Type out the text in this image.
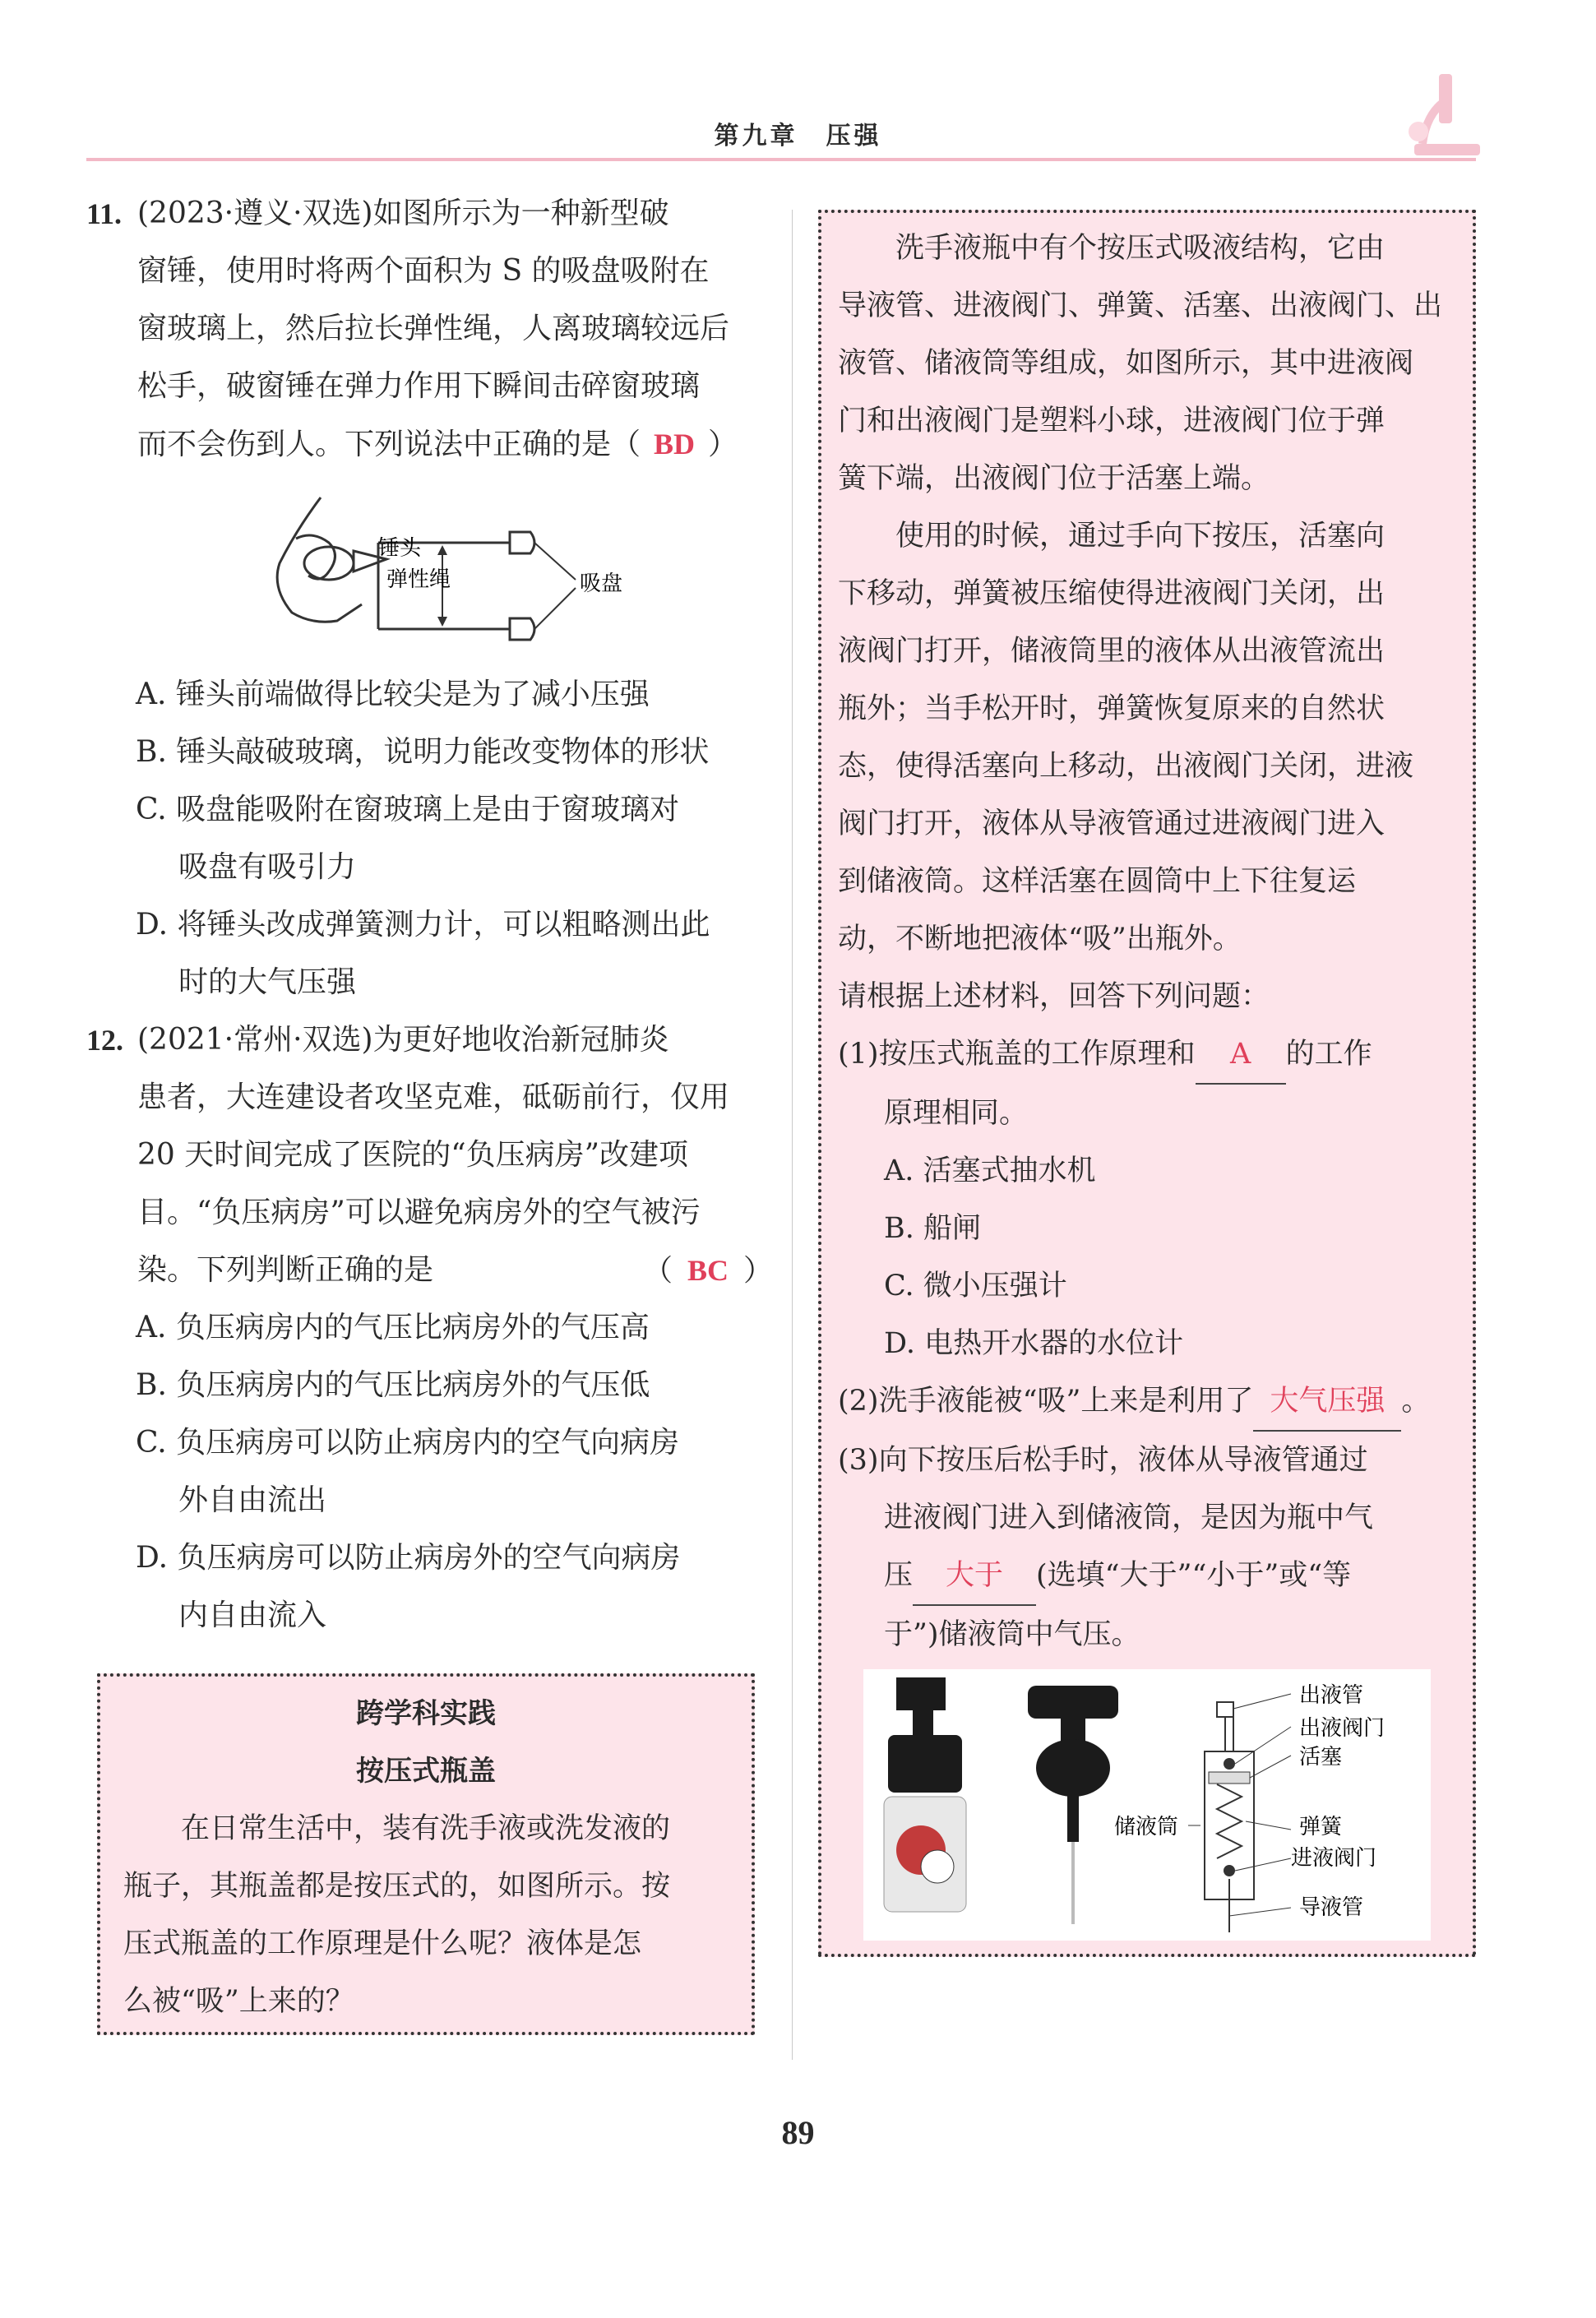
第九章　压强
11. (2023·遵义·双选)如图所示为一种新型破
窗锤，使用时将两个面积为 S 的吸盘吸附在
窗玻璃上，然后拉长弹性绳，人离玻璃较远后
松手，破窗锤在弹力作用下瞬间击碎窗玻璃
而不会伤到人。下列说法中正确的是（ BD ）
锤头
弹性绳	吸盘
A. 锤头前端做得比较尖是为了减小压强
B. 锤头敲破玻璃，说明力能改变物体的形状
C. 吸盘能吸附在窗玻璃上是由于窗玻璃对
吸盘有吸引力
D. 将锤头改成弹簧测力计，可以粗略测出此
时的大气压强
12. (2021·常州·双选)为更好地收治新冠肺炎
患者，大连建设者攻坚克难，砥砺前行，仅用
20 天时间完成了医院的“负压病房”改建项
目。“负压病房”可以避免病房外的空气被污
染。下列判断正确的是	（ BC ）
A. 负压病房内的气压比病房外的气压高
B. 负压病房内的气压比病房外的气压低
C. 负压病房可以防止病房内的空气向病房
外自由流出
D. 负压病房可以防止病房外的空气向病房
内自由流入
跨学科实践
按压式瓶盖

在日常生活中，装有洗手液或洗发液的

瓶子，其瓶盖都是按压式的，如图所示。按

压式瓶盖的工作原理是什么呢？液体是怎

么被“吸”上来的？

洗手液瓶中有个按压式吸液结构，它由

导液管、进液阀门、弹簧、活塞、出液阀门、出

液管、储液筒等组成，如图所示，其中进液阀

门和出液阀门是塑料小球，进液阀门位于弹

簧下端，出液阀门位于活塞上端。

使用的时候，通过手向下按压，活塞向

下移动，弹簧被压缩使得进液阀门关闭，出

液阀门打开，储液筒里的液体从出液管流出

瓶外；当手松开时，弹簧恢复原来的自然状

态，使得活塞向上移动，出液阀门关闭，进液

阀门打开，液体从导液管通过进液阀门进入

到储液筒。这样活塞在圆筒中上下往复运

动，不断地把液体“吸”出瓶外。

请根据上述材料，回答下列问题：

(1)按压式瓶盖的工作原理和 A 的工作

原理相同。

A. 活塞式抽水机

B. 船闸

C. 微小压强计

D. 电热开水器的水位计

(2)洗手液能被“吸”上来是利用了 大气压强 。

(3)向下按压后松手时，液体从导液管通过

进液阀门进入到储液筒，是因为瓶中气

压 大于 (选填“大于”“小于”或“等

于”)储液筒中气压。

出液管
出液阀门
活塞
储液筒	弹簧
进液阀门
导液管
89
